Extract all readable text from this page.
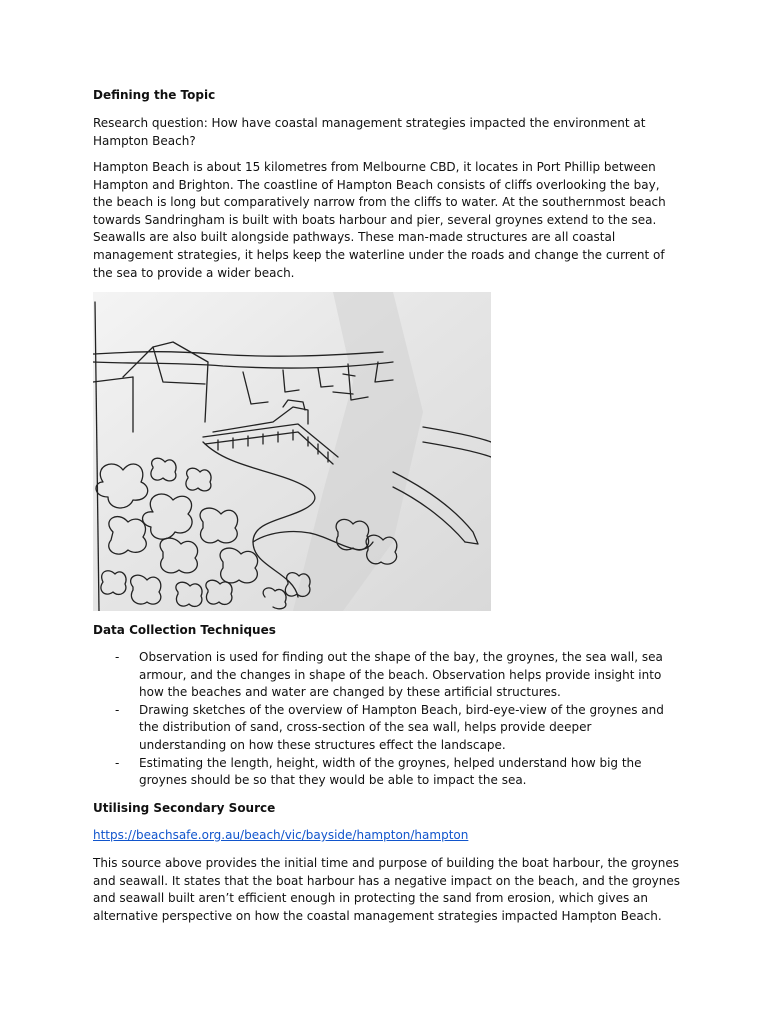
Defining the Topic
Research question: How have coastal management strategies impacted the environment at Hampton Beach?
Hampton Beach is about 15 kilometres from Melbourne CBD, it locates in Port Phillip between Hampton and Brighton. The coastline of Hampton Beach consists of cliffs overlooking the bay, the beach is long but comparatively narrow from the cliffs to water. At the southernmost beach towards Sandringham is built with boats harbour and pier, several groynes extend to the sea. Seawalls are also built alongside pathways. These man-made structures are all coastal management strategies, it helps keep the waterline under the roads and change the current of the sea to provide a wider beach.
Data Collection Techniques
- Observation is used for finding out the shape of the bay, the groynes, the sea wall, sea armour, and the changes in shape of the beach. Observation helps provide insight into how the beaches and water are changed by these artificial structures.
- Drawing sketches of the overview of Hampton Beach, bird-eye-view of the groynes and the distribution of sand, cross-section of the sea wall, helps provide deeper understanding on how these structures effect the landscape.
- Estimating the length, height, width of the groynes, helped understand how big the groynes should be so that they would be able to impact the sea.
Utilising Secondary Source
https://beachsafe.org.au/beach/vic/bayside/hampton/hampton
This source above provides the initial time and purpose of building the boat harbour, the groynes and seawall. It states that the boat harbour has a negative impact on the beach, and the groynes and seawall built aren’t efficient enough in protecting the sand from erosion, which gives an alternative perspective on how the coastal management strategies impacted Hampton Beach.
